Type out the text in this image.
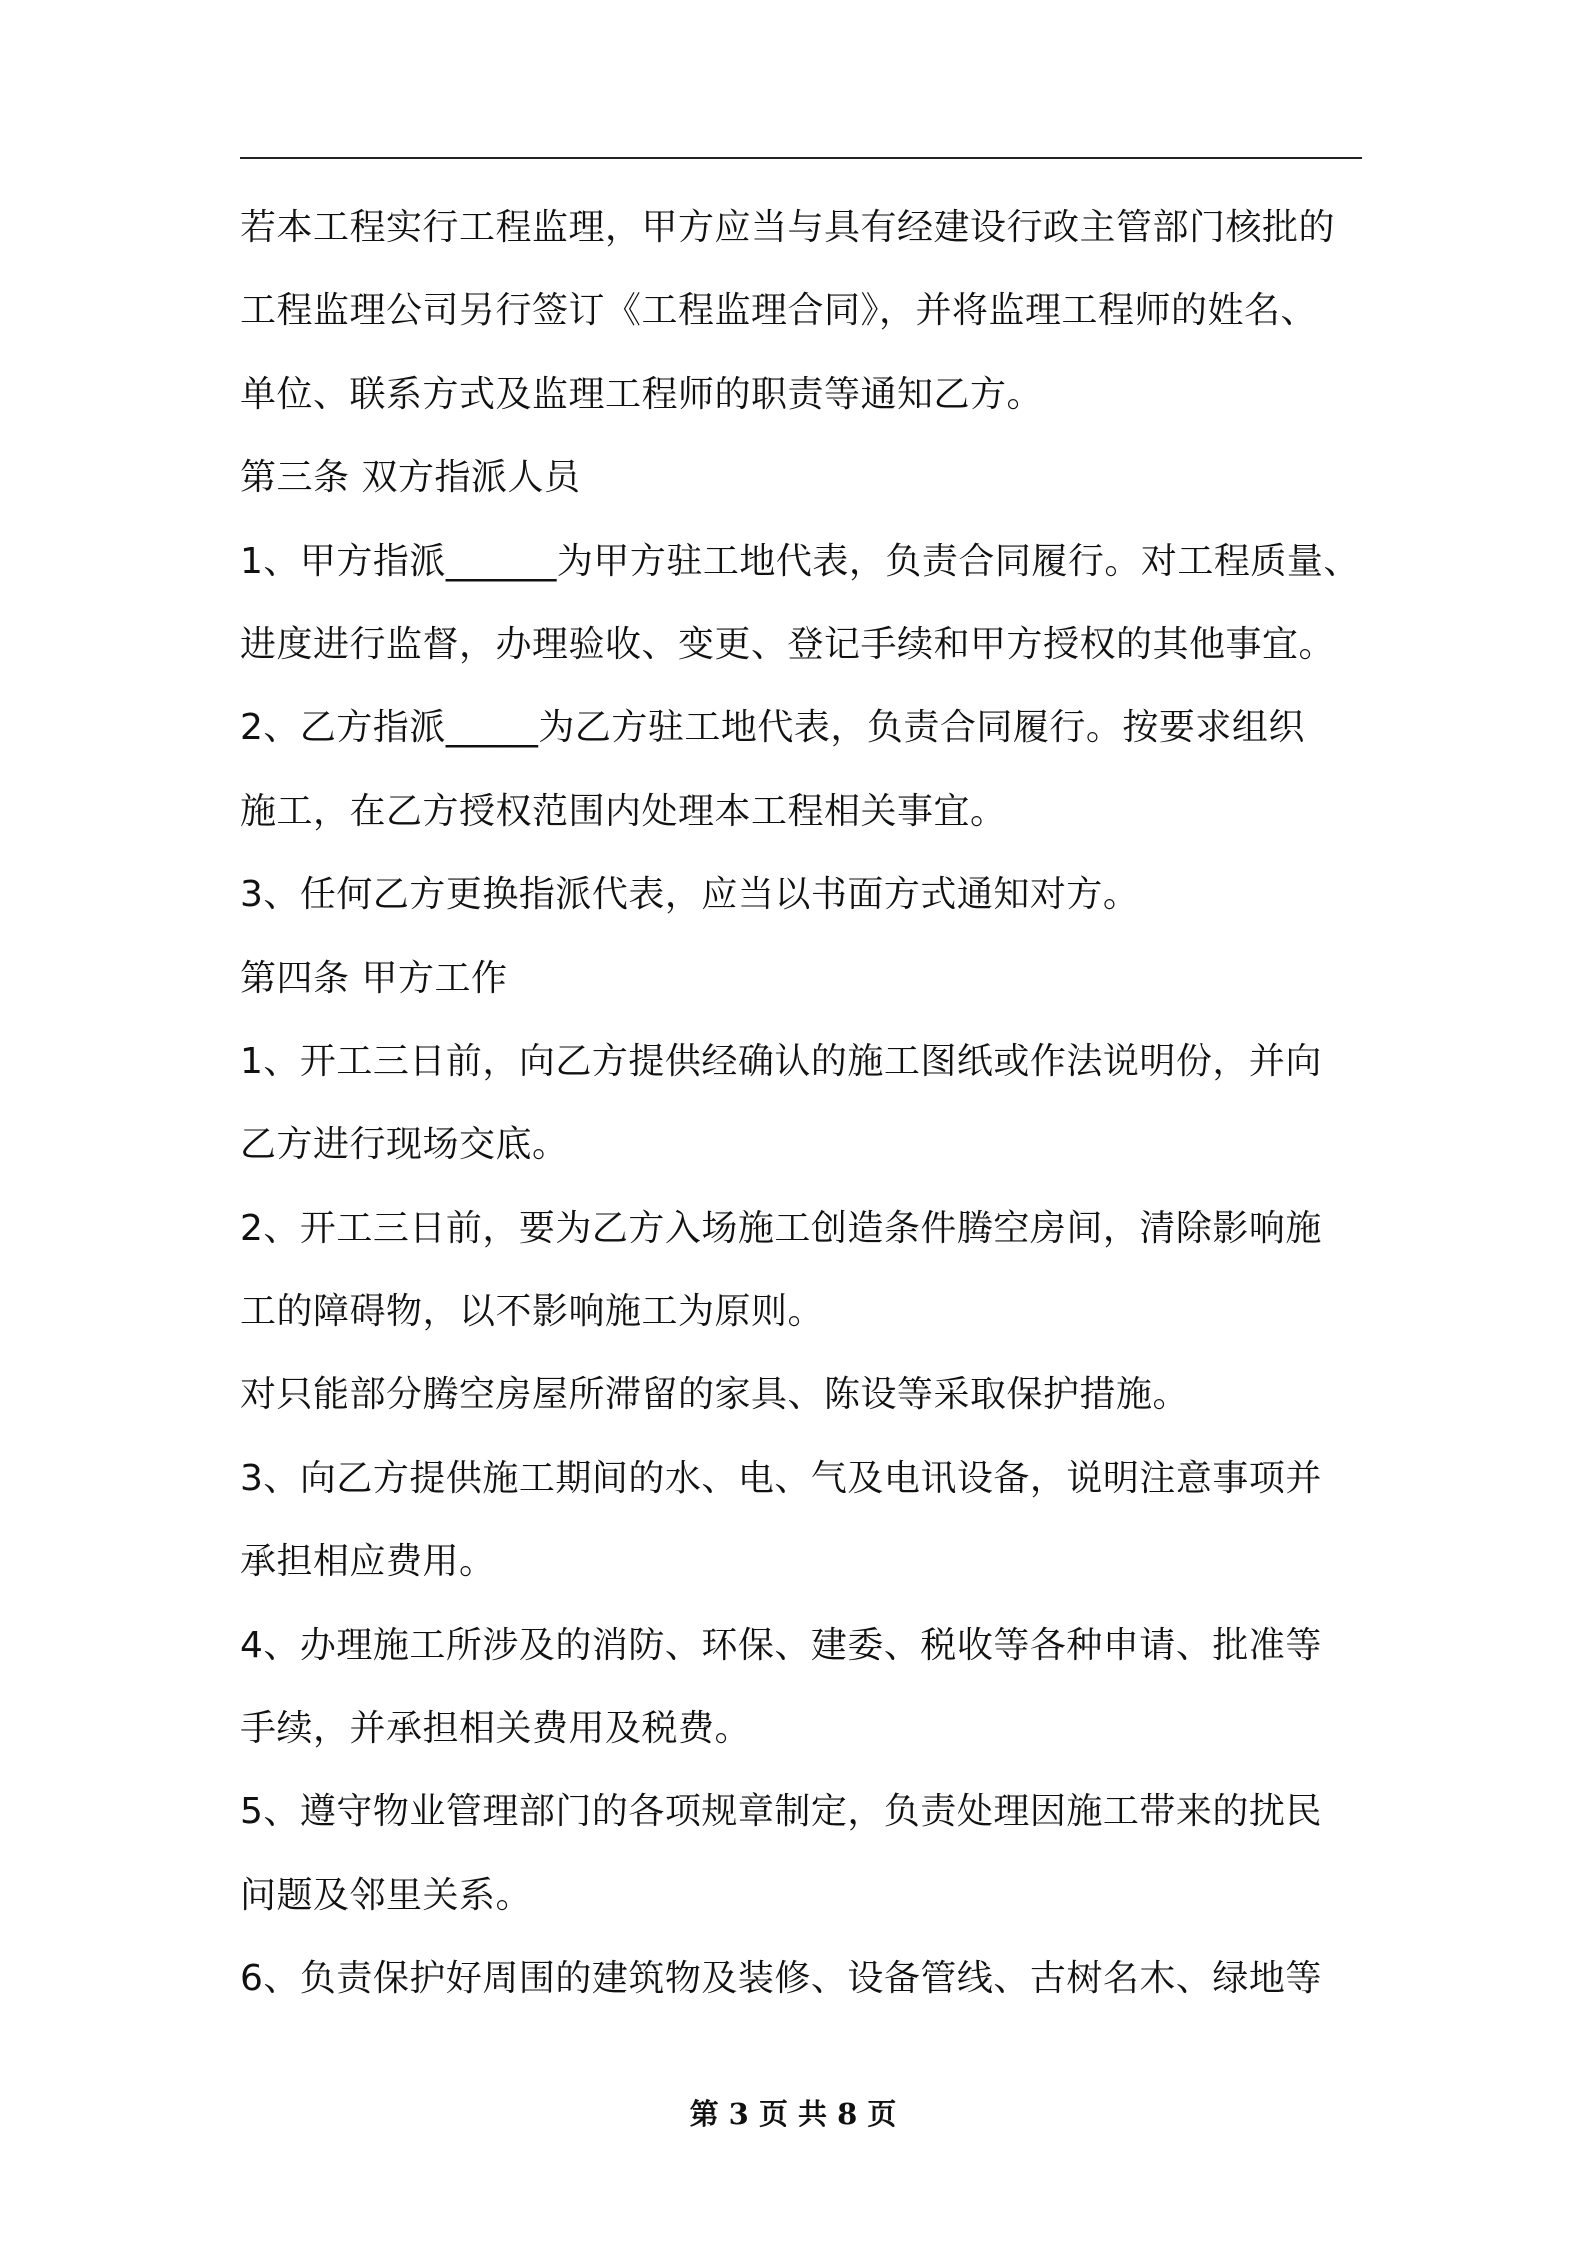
若本工程实行工程监理，甲方应当与具有经建设行政主管部门核批的
工程监理公司另行签订《工程监理合同》，并将监理工程师的姓名、
单位、联系方式及监理工程师的职责等通知乙方。
第三条 双方指派人员
1、甲方指派______为甲方驻工地代表，负责合同履行。对工程质量、
进度进行监督，办理验收、变更、登记手续和甲方授权的其他事宜。
2、乙方指派_____为乙方驻工地代表，负责合同履行。按要求组织
施工，在乙方授权范围内处理本工程相关事宜。
3、任何乙方更换指派代表，应当以书面方式通知对方。
第四条 甲方工作
1、开工三日前，向乙方提供经确认的施工图纸或作法说明份，并向
乙方进行现场交底。
2、开工三日前，要为乙方入场施工创造条件腾空房间，清除影响施
工的障碍物，以不影响施工为原则。
对只能部分腾空房屋所滞留的家具、陈设等采取保护措施。
3、向乙方提供施工期间的水、电、气及电讯设备，说明注意事项并
承担相应费用。
4、办理施工所涉及的消防、环保、建委、税收等各种申请、批准等
手续，并承担相关费用及税费。
5、遵守物业管理部门的各项规章制定，负责处理因施工带来的扰民
问题及邻里关系。
6、负责保护好周围的建筑物及装修、设备管线、古树名木、绿地等
第 3 页 共 8 页
